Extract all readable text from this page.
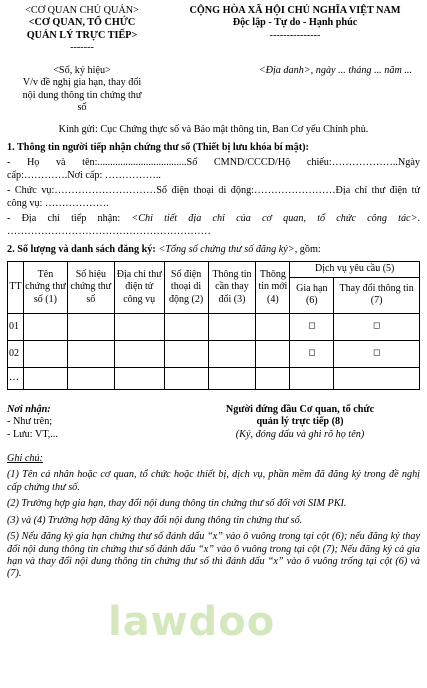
<CƠ QUAN CHỦ QUẢN>
<CƠ QUAN, TỔ CHỨC
QUẢN LÝ TRỰC TIẾP>
-------
CỘNG HÒA XÃ HỘI CHỦ NGHĨA VIỆT NAM
Độc lập - Tự do - Hạnh phúc
---------------
<Số, ký hiệu>
V/v đề nghị gia hạn, thay đổi
nội dung thông tin chứng thư
số
<Địa danh>, ngày ... tháng ... năm ...
Kính gửi: Cục Chứng thực số và Bảo mật thông tin, Ban Cơ yếu Chính phủ.
1. Thông tin người tiếp nhận chứng thư số (Thiết bị lưu khóa bí mật):

- Họ và tên:...................................Số CMND/CCCD/Hộ chiếu:………………..Ngày cấp:………….Nơi cấp: ……………..

- Chức vụ:…………………………Số điện thoại di động:……………………Địa chỉ thư điện tử công vụ: ……………….

- Địa chỉ tiếp nhận: <Chi tiết địa chỉ của cơ quan, tổ chức công tác>. ……………………………………………………

2. Số lượng và danh sách đăng ký: <Tổng số chứng thư số đăng ký>, gồm:
TT	Tên chứng thư số (1)	Số hiệu chứng thư số	Địa chỉ thư điện tử công vụ	Số điện thoại di động (2)	Thông tin cần thay đổi (3)	Thông tin mới (4)	Dịch vụ yêu cầu (5)	
							Gia hạn (6)	Thay đổi thông tin (7)
01							◻	◻
02							◻	◻
…								
Nơi nhận:
- Như trên;
- Lưu: VT,...
Người đứng đầu Cơ quan, tổ chức
quản lý trực tiếp (8)
(Ký, đóng dấu và ghi rõ họ tên)
Ghi chú:

(1) Tên cá nhân hoặc cơ quan, tổ chức hoặc thiết bị, dịch vụ, phần mềm đã đăng ký trong đề nghị cấp chứng thư số.

(2) Trường hợp gia hạn, thay đổi nội dung thông tin chứng thư số đối với SIM PKI.

(3) và (4) Trường hợp đăng ký thay đổi nội dung thông tin chứng thư số.

(5) Nếu đăng ký gia hạn chứng thư số đánh dấu “x” vào ô vuông trong tại cột (6); nếu đăng ký thay đổi nội dung thông tin chứng thư số đánh dấu “x” vào ô vuông trong tại cột (7); Nếu đăng ký cả gia hạn và thay đổi nội dung thông tin chứng thư số thì đánh dấu “x” vào ô vuông trống tại cột (6) và (7).

lawdoo
